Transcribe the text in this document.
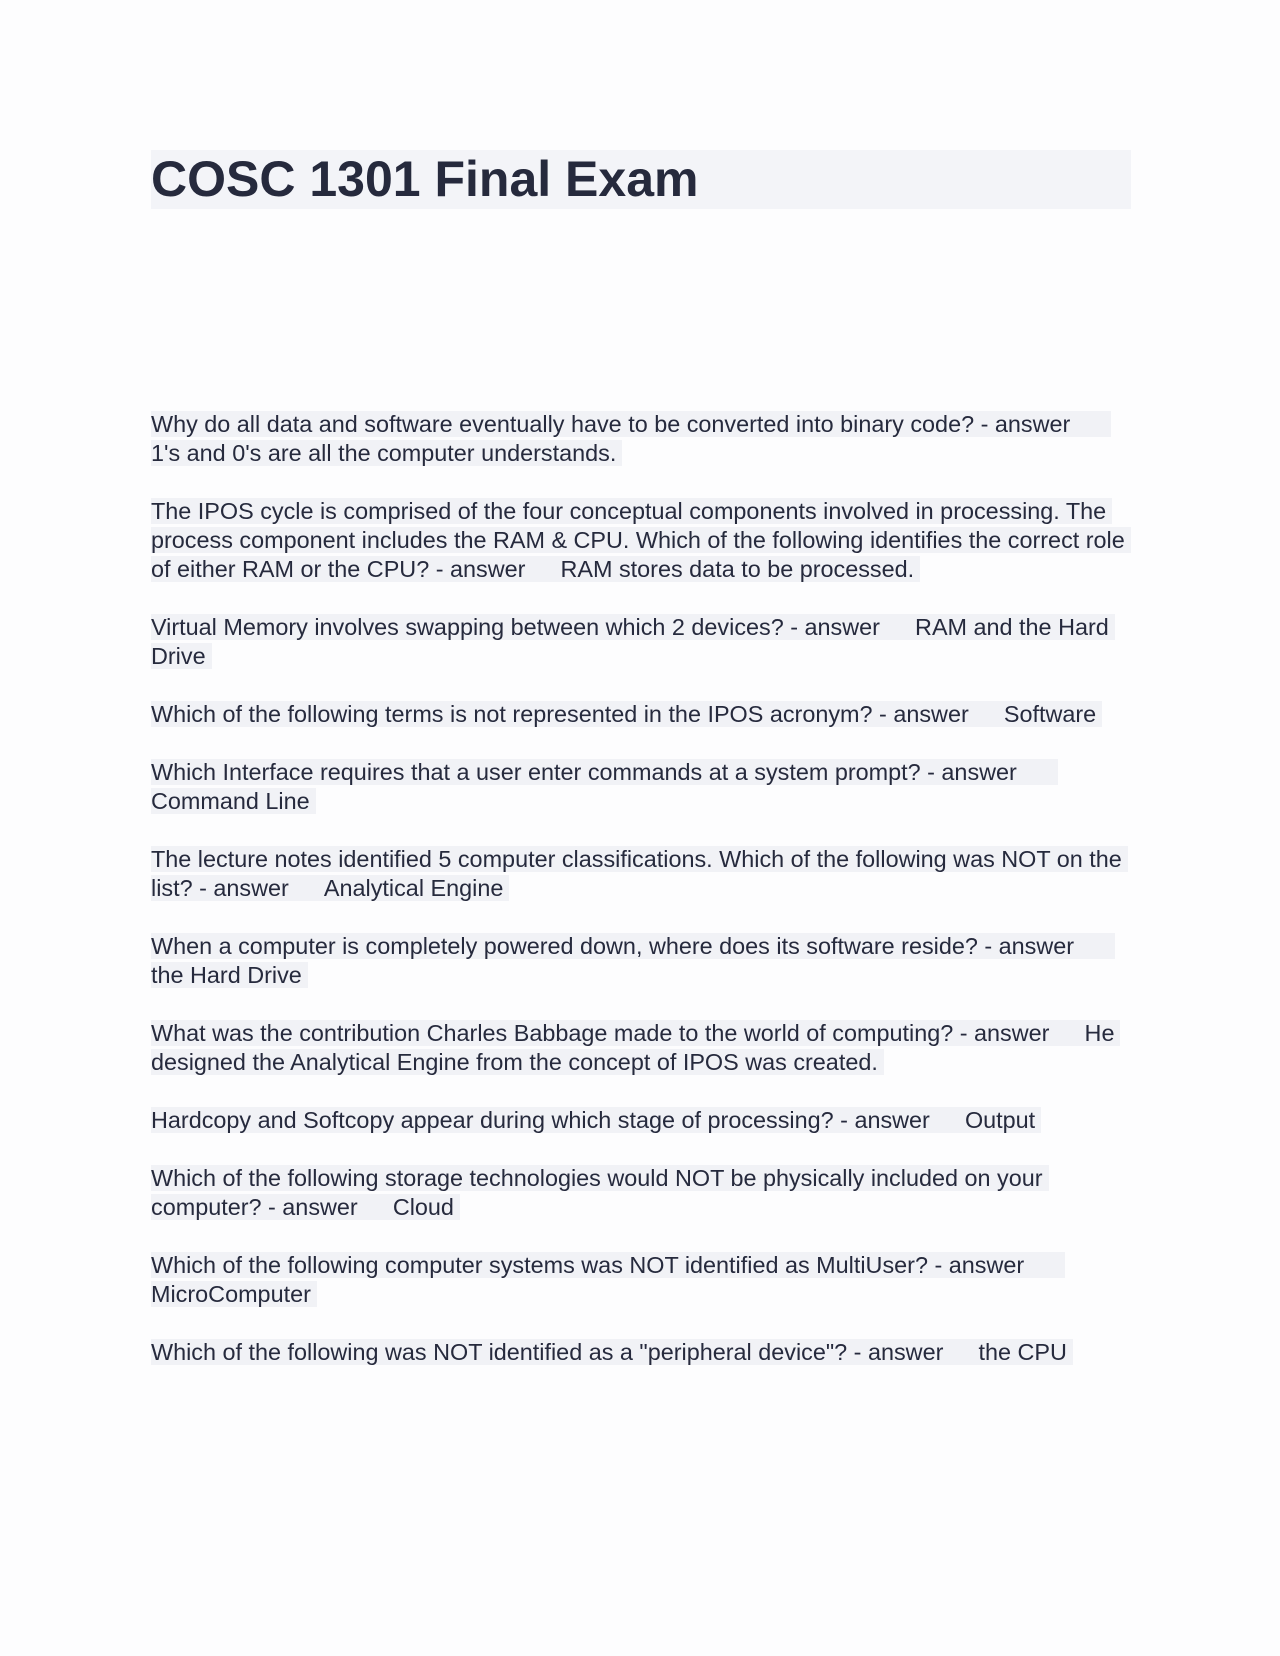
COSC 1301 Final Exam

Why do all data and software eventually have to be converted into binary code? - answer  1's and 0's are all the computer understands.

The IPOS cycle is comprised of the four conceptual components involved in processing. The process component includes the RAM & CPU. Which of the following identifies the correct role of either RAM or the CPU? - answer   RAM stores data to be processed.

Virtual Memory involves swapping between which 2 devices? - answer   RAM and the Hard Drive

Which of the following terms is not represented in the IPOS acronym? - answer   Software

Which Interface requires that a user enter commands at a system prompt? - answer  Command Line

The lecture notes identified 5 computer classifications. Which of the following was NOT on the list? - answer   Analytical Engine

When a computer is completely powered down, where does its software reside? - answer  the Hard Drive

What was the contribution Charles Babbage made to the world of computing? - answer   He designed the Analytical Engine from the concept of IPOS was created.

Hardcopy and Softcopy appear during which stage of processing? - answer   Output

Which of the following storage technologies would NOT be physically included on your computer? - answer   Cloud

Which of the following computer systems was NOT identified as MultiUser? - answer  MicroComputer

Which of the following was NOT identified as a "peripheral device"? - answer   the CPU
